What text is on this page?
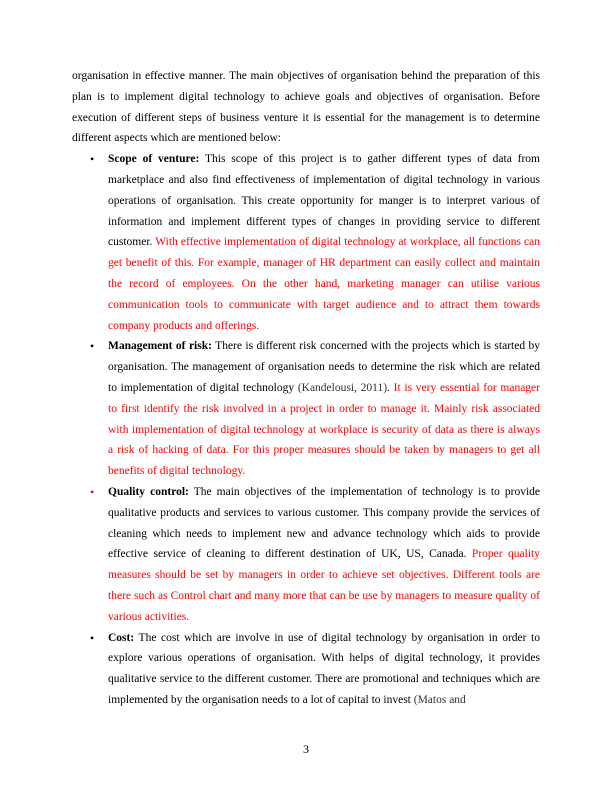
organisation in effective manner. The main objectives of organisation behind the preparation of this plan is to implement digital technology to achieve goals and objectives of organisation. Before execution of different steps of business venture it is essential for the management is to determine different aspects which are mentioned below:

• Scope of venture: This scope of this project is to gather different types of data from marketplace and also find effectiveness of implementation of digital technology in various operations of organisation. This create opportunity for manger is to interpret various of information and implement different types of changes in providing service to different customer. With effective implementation of digital technology at workplace, all functions can get benefit of this. For example, manager of HR department can easily collect and maintain the record of employees. On the other hand, marketing manager can utilise various communication tools to communicate with target audience and to attract them towards company products and offerings.
• Management of risk: There is different risk concerned with the projects which is started by organisation. The management of organisation needs to determine the risk which are related to implementation of digital technology (Kandelousi, 2011). It is very essential for manager to first identify the risk involved in a project in order to manage it. Mainly risk associated with implementation of digital technology at workplace is security of data as there is always a risk of hacking of data. For this proper measures should be taken by managers to get all benefits of digital technology.
• Quality control: The main objectives of the implementation of technology is to provide qualitative products and services to various customer. This company provide the services of cleaning which needs to implement new and advance technology which aids to provide effective service of cleaning to different destination of UK, US, Canada. Proper quality measures should be set by managers in order to achieve set objectives. Different tools are there such as Control chart and many more that can be use by managers to measure quality of various activities.
• Cost: The cost which are involve in use of digital technology by organisation in order to explore various operations of organisation. With helps of digital technology, it provides qualitative service to the different customer. There are promotional and techniques which are implemented by the organisation needs to a lot of capital to invest (Matos and
3
